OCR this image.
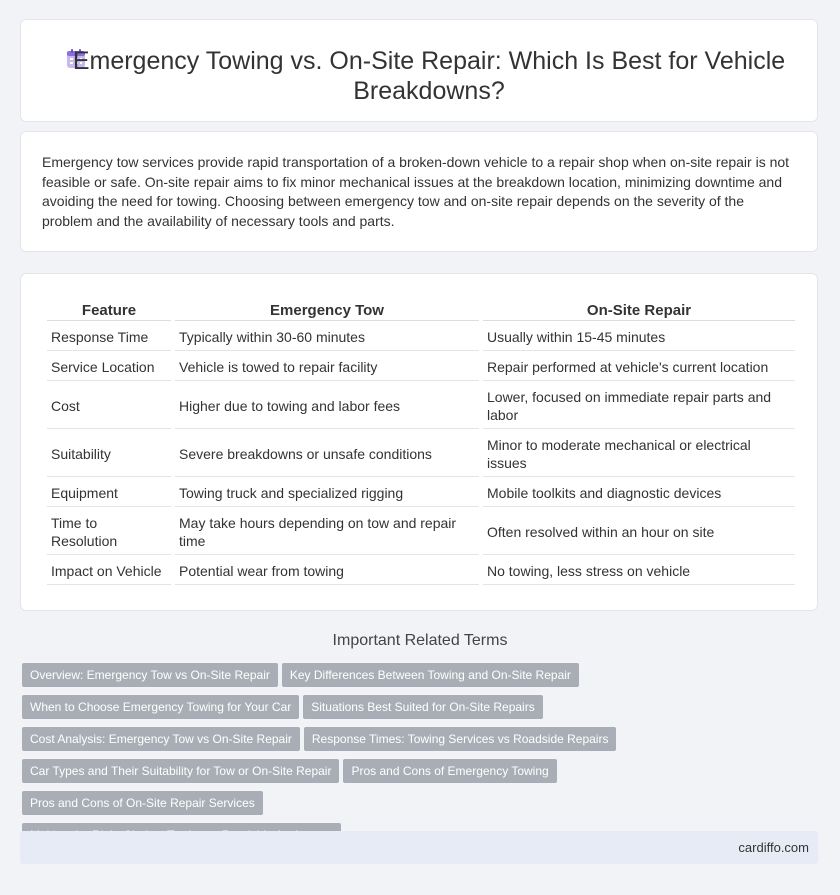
Emergency Towing vs. On-Site Repair: Which Is Best for Vehicle Breakdowns?

Emergency tow services provide rapid transportation of a broken-down vehicle to a repair shop when on-site repair is not feasible or safe. On-site repair aims to fix minor mechanical issues at the breakdown location, minimizing downtime and avoiding the need for towing. Choosing between emergency tow and on-site repair depends on the severity of the problem and the availability of necessary tools and parts.

Feature	Emergency Tow	On-Site Repair
Response Time	Typically within 30-60 minutes	Usually within 15-45 minutes
Service Location	Vehicle is towed to repair facility	Repair performed at vehicle's current location
Cost	Higher due to towing and labor fees	Lower, focused on immediate repair parts and labor
Suitability	Severe breakdowns or unsafe conditions	Minor to moderate mechanical or electrical issues
Equipment	Towing truck and specialized rigging	Mobile toolkits and diagnostic devices
Time to Resolution	May take hours depending on tow and repair time	Often resolved within an hour on site
Impact on Vehicle	Potential wear from towing	No towing, less stress on vehicle
Important Related Terms
Overview: Emergency Tow vs On-Site Repair Key Differences Between Towing and On-Site Repair
When to Choose Emergency Towing for Your Car Situations Best Suited for On-Site Repairs
Cost Analysis: Emergency Tow vs On-Site Repair Response Times: Towing Services vs Roadside Repairs
Car Types and Their Suitability for Tow or On-Site Repair Pros and Cons of Emergency TowingPros and Cons of On-Site Repair Services

cardiffo.com
